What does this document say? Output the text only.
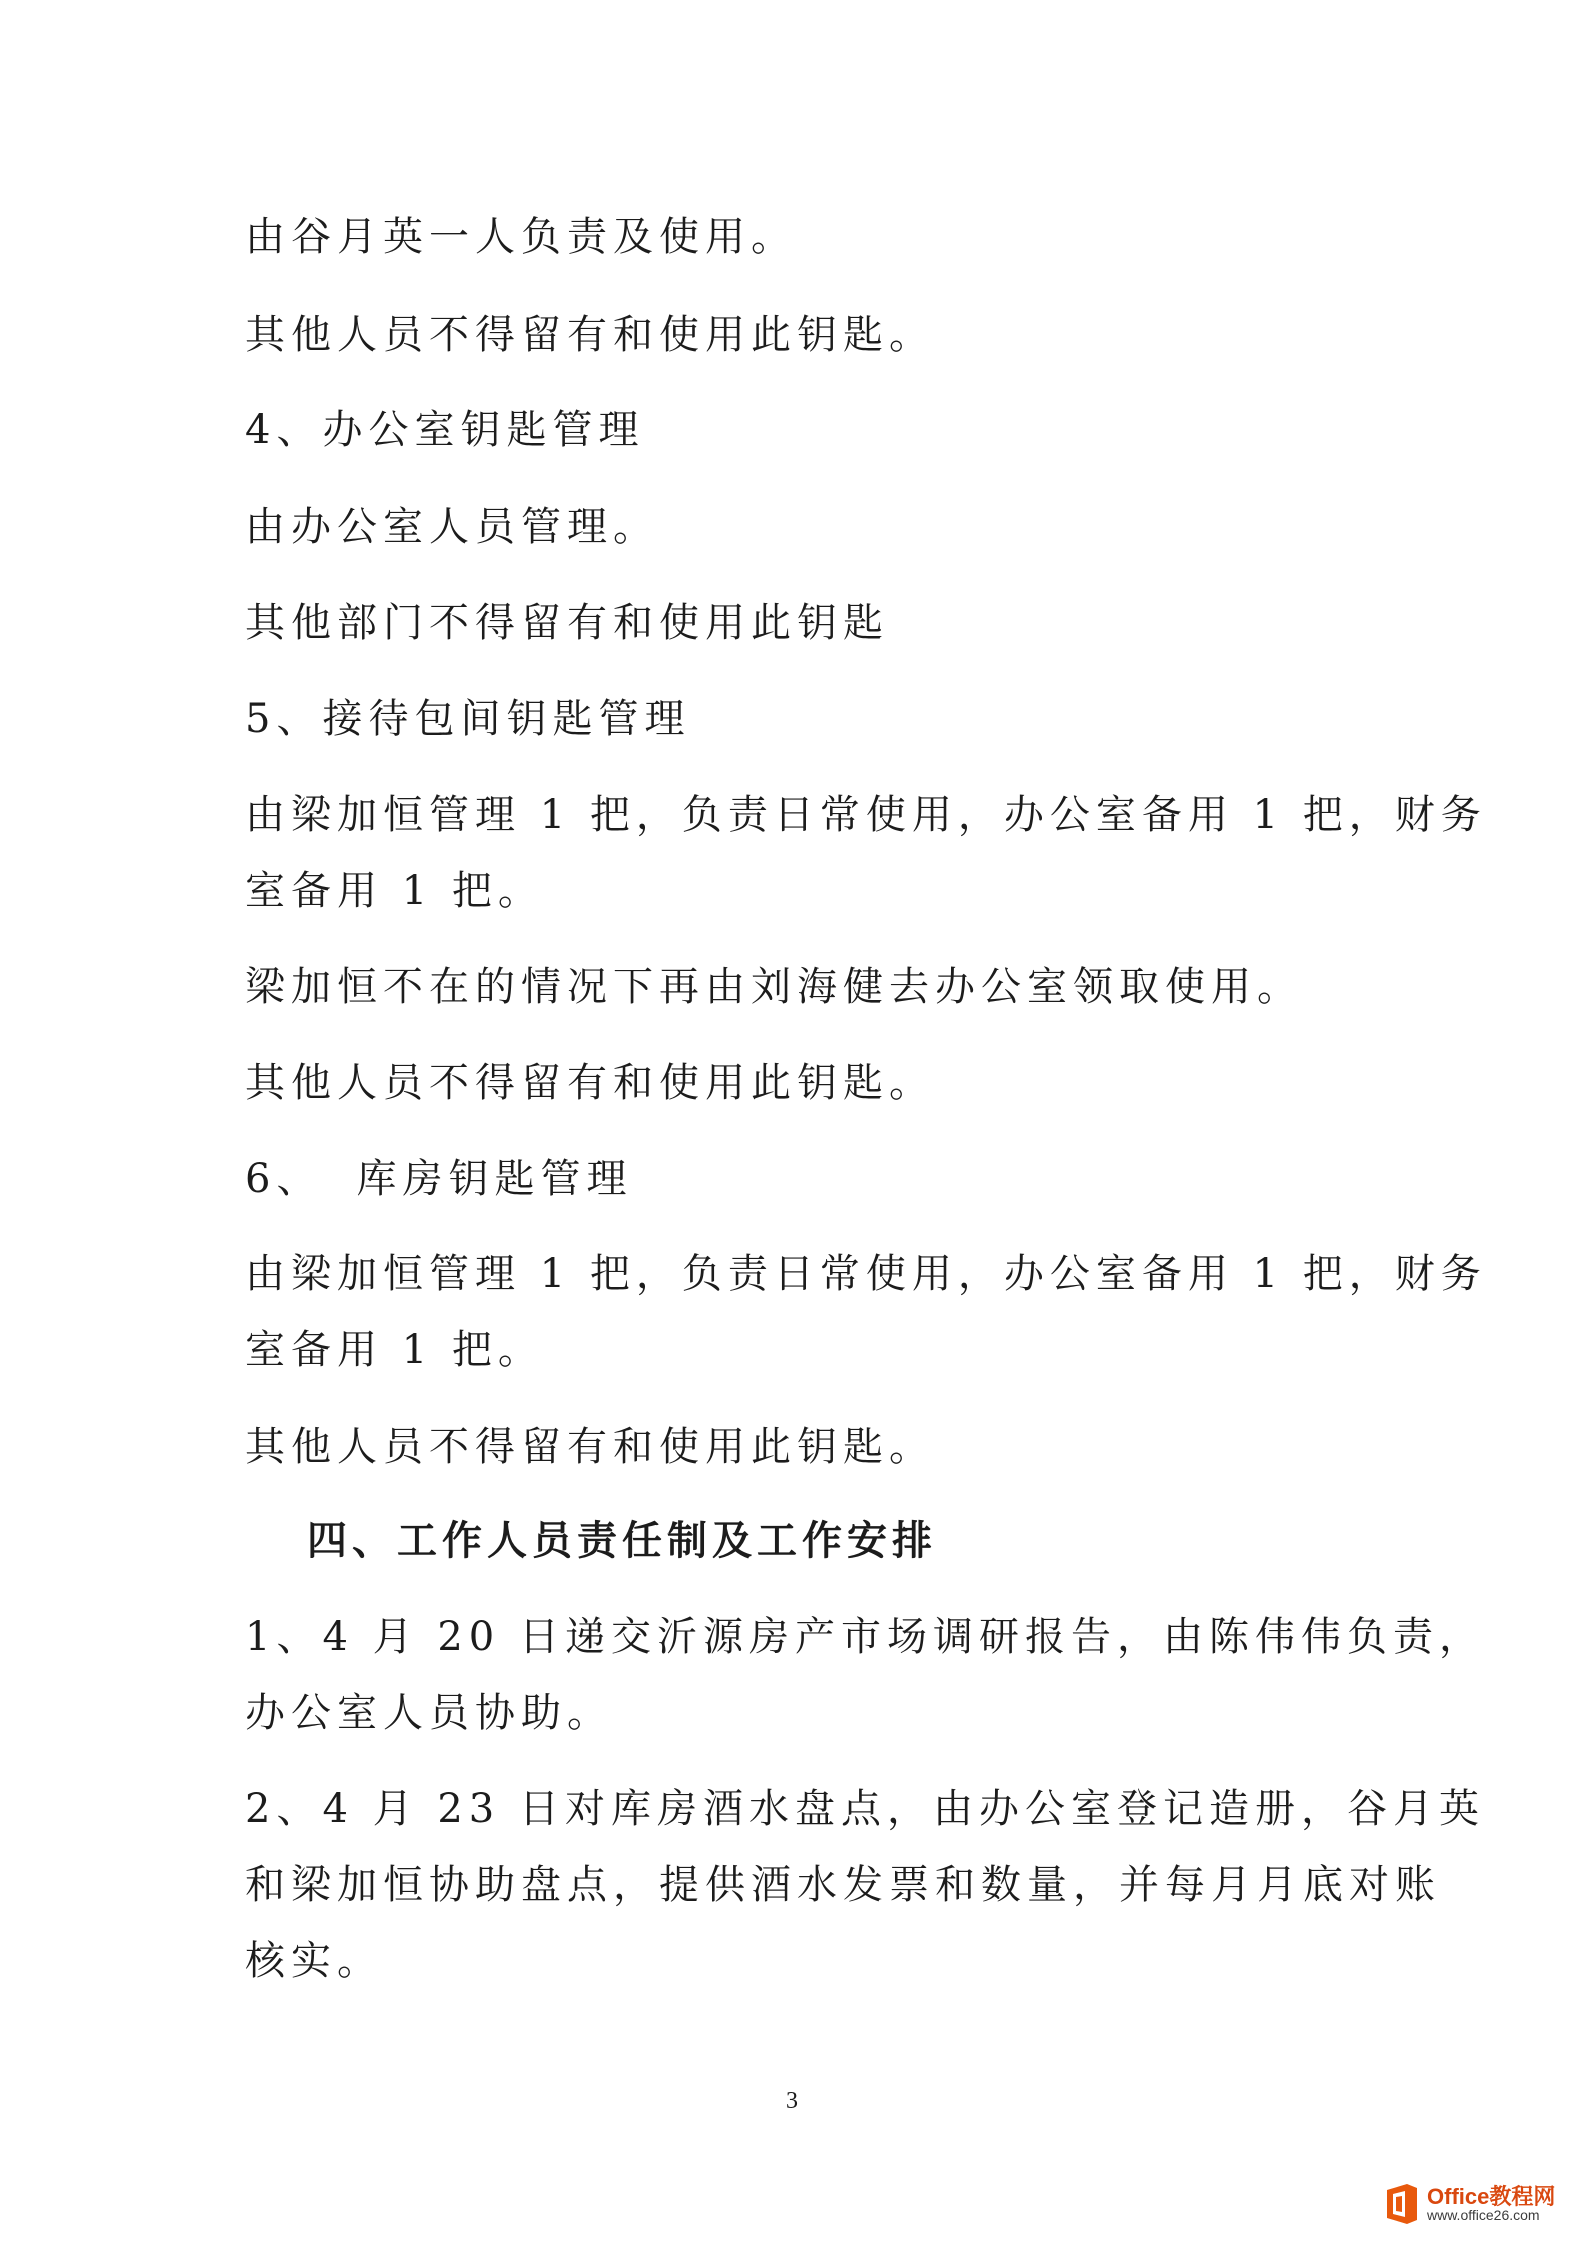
由谷月英一人负责及使用。
其他人员不得留有和使用此钥匙。
4、办公室钥匙管理
由办公室人员管理。
其他部门不得留有和使用此钥匙
5、接待包间钥匙管理
由梁加恒管理 1 把，负责日常使用，办公室备用 1 把，财务
室备用 1 把。
梁加恒不在的情况下再由刘海健去办公室领取使用。
其他人员不得留有和使用此钥匙。
6、 库房钥匙管理
由梁加恒管理 1 把，负责日常使用，办公室备用 1 把，财务
室备用 1 把。
其他人员不得留有和使用此钥匙。
四、工作人员责任制及工作安排
1、4 月 20 日递交沂源房产市场调研报告，由陈伟伟负责，
办公室人员协助。
2、4 月 23 日对库房酒水盘点，由办公室登记造册，谷月英
和梁加恒协助盘点，提供酒水发票和数量，并每月月底对账
核实。
3
Office教程网
www.office26.com
